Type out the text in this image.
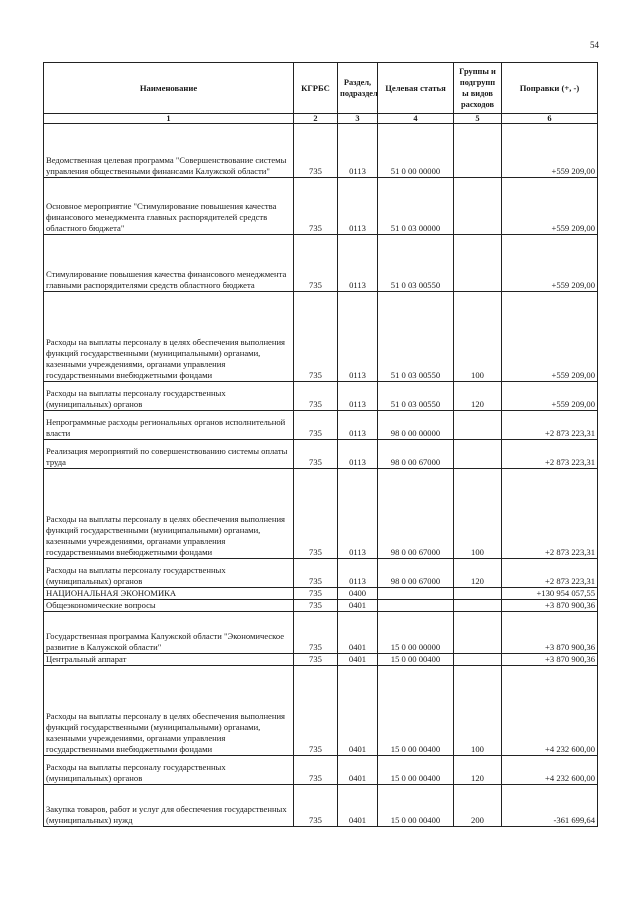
54
Наименование	КГРБС	Раздел, подраздел	Целевая статья	Группы и подгрупп ы видов расходов	Поправки (+, -)
1	2	3	4	5	6
Ведомственная целевая программа "Совершенствование системы управления общественными финансами Калужской области"	735	0113	51 0 00 00000		+559 209,00
Основное мероприятие "Стимулирование повышения качества финансового менеджмента главных распорядителей средств областного бюджета"	735	0113	51 0 03 00000		+559 209,00
Стимулирование повышения качества финансового менеджмента главными распорядителями средств областного бюджета	735	0113	51 0 03 00550		+559 209,00
Расходы на выплаты персоналу в целях обеспечения выполнения функций государственными (муниципальными) органами, казенными учреждениями, органами управления государственными внебюджетными фондами	735	0113	51 0 03 00550	100	+559 209,00
Расходы на выплаты персоналу государственных (муниципальных) органов	735	0113	51 0 03 00550	120	+559 209,00
Непрограммные расходы региональных органов исполнительной власти	735	0113	98 0 00 00000		+2 873 223,31
Реализация мероприятий по совершенствованию системы оплаты труда	735	0113	98 0 00 67000		+2 873 223,31
Расходы на выплаты персоналу в целях обеспечения выполнения функций государственными (муниципальными) органами, казенными учреждениями, органами управления государственными внебюджетными фондами	735	0113	98 0 00 67000	100	+2 873 223,31
Расходы на выплаты персоналу государственных (муниципальных) органов	735	0113	98 0 00 67000	120	+2 873 223,31
НАЦИОНАЛЬНАЯ ЭКОНОМИКА	735	0400			+130 954 057,55
Общеэкономические вопросы	735	0401			+3 870 900,36
Государственная программа Калужской области "Экономическое развитие в Калужской области"	735	0401	15 0 00 00000		+3 870 900,36
Центральный аппарат	735	0401	15 0 00 00400		+3 870 900,36
Расходы на выплаты персоналу в целях обеспечения выполнения функций государственными (муниципальными) органами, казенными учреждениями, органами управления государственными внебюджетными фондами	735	0401	15 0 00 00400	100	+4 232 600,00
Расходы на выплаты персоналу государственных (муниципальных) органов	735	0401	15 0 00 00400	120	+4 232 600,00
Закупка товаров, работ и услуг для обеспечения государственных (муниципальных) нужд	735	0401	15 0 00 00400	200	-361 699,64
